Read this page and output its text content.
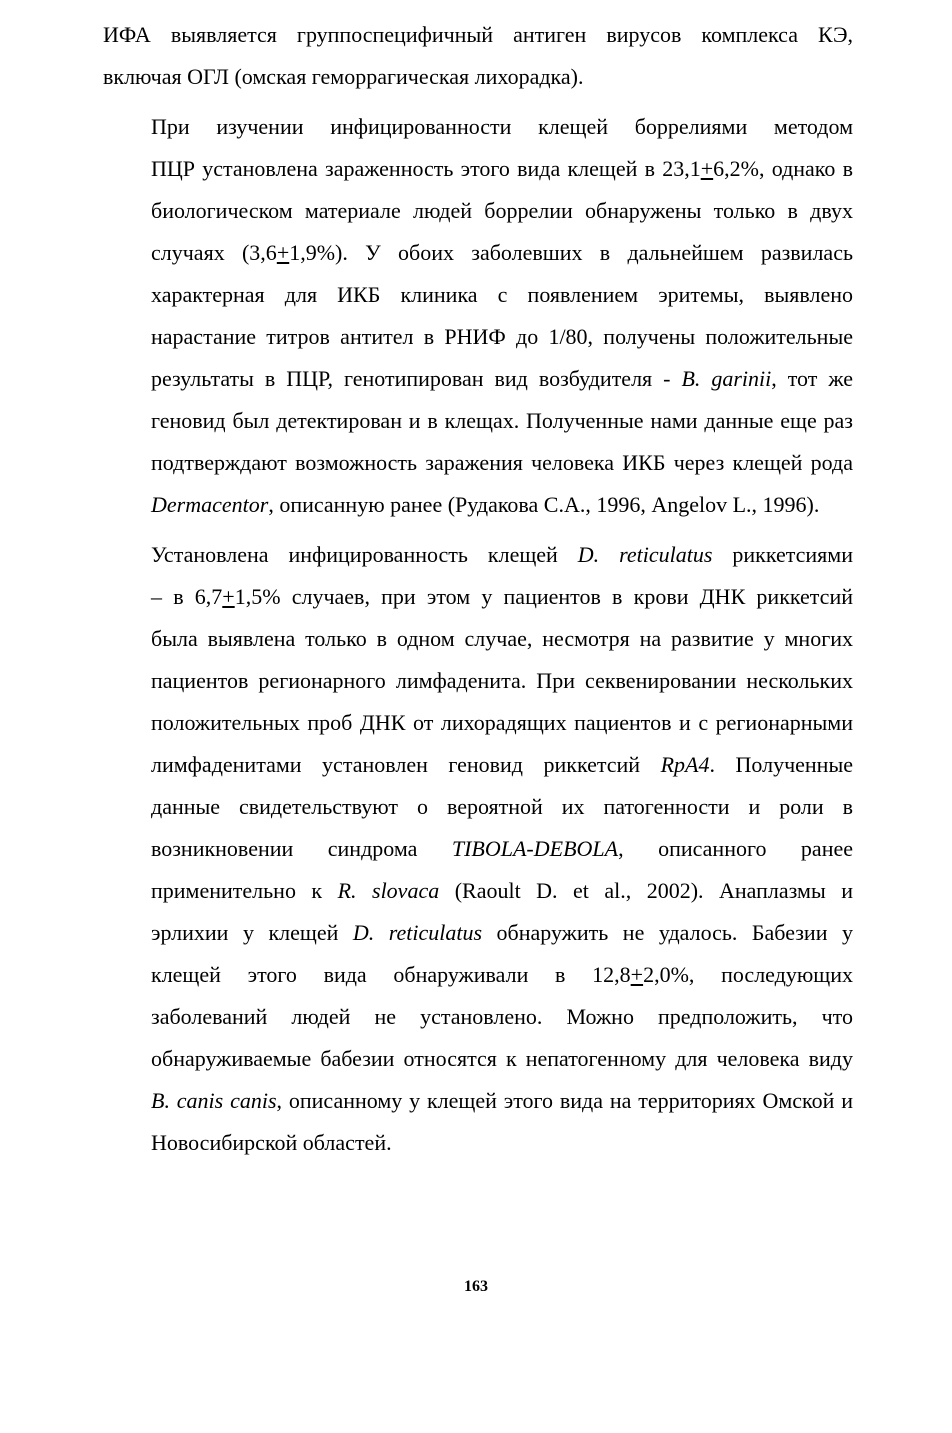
ИФА выявляется группоспецифичный антиген вирусов комплекса КЭ,
включая ОГЛ (омская геморрагическая лихорадка).

При изучении инфицированности клещей боррелиями методом
ПЦР установлена зараженность этого вида клещей в 23,1+6,2%, однако в
биологическом материале людей боррелии обнаружены только в двух
случаях (3,6+1,9%). У обоих заболевших в дальнейшем развилась
характерная для ИКБ клиника с появлением эритемы, выявлено
нарастание титров антител в РНИФ до 1/80, получены положительные
результаты в ПЦР, генотипирован вид возбудителя - B. garinii, тот же
геновид был детектирован и в клещах. Полученные нами данные еще раз
подтверждают возможность заражения человека ИКБ через клещей рода
Dermacentor, описанную ранее (Рудакова С.А., 1996, Angelov L., 1996).

Установлена инфицированность клещей D. reticulatus риккетсиями
– в 6,7+1,5% случаев, при этом у пациентов в крови ДНК риккетсий
была выявлена только в одном случае, несмотря на развитие у многих
пациентов регионарного лимфаденита. При секвенировании нескольких
положительных проб ДНК от лихорадящих пациентов и с регионарными
лимфаденитами установлен геновид риккетсий RpA4. Полученные
данные свидетельствуют о вероятной их патогенности и роли в
возникновении синдрома TIBOLA-DEBOLA, описанного ранее
применительно к R. slovaca (Raoult D. et al., 2002). Анаплазмы и
эрлихии у клещей D. reticulatus обнаружить не удалось. Бабезии у
клещей этого вида обнаруживали в 12,8+2,0%, последующих
заболеваний людей не установлено. Можно предположить, что
обнаруживаемые бабезии относятся к непатогенному для человека виду
B. canis canis, описанному у клещей этого вида на территориях Омской и
Новосибирской областей.

163
